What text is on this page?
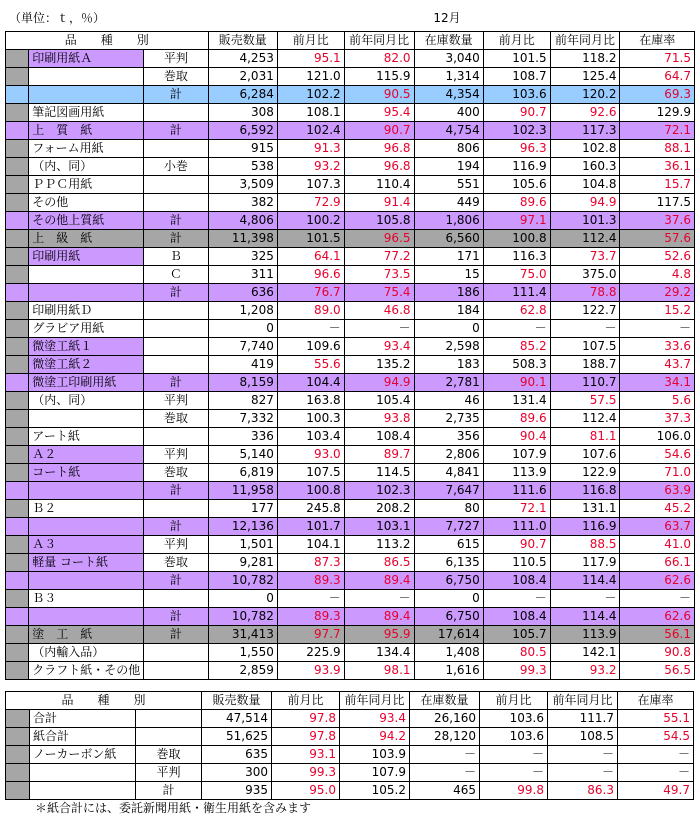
（単位：ｔ，％）	12月
品　　種　　別			販売数量	前月比	前年同月比	在庫数量	前月比	前年同月比	在庫率
	印刷用紙Ａ	平判	4,253	95.1	82.0	3,040	101.5	118.2	71.5
		巻取	2,031	121.0	115.9	1,314	108.7	125.4	64.7
		計	6,284	102.2	90.5	4,354	103.6	120.2	69.3
	筆記図画用紙		308	108.1	95.4	400	90.7	92.6	129.9
	上　質　紙	計	6,592	102.4	90.7	4,754	102.3	117.3	72.1
	フォーム用紙		915	91.3	96.8	806	96.3	102.8	88.1
	（内、同）	小巻	538	93.2	96.8	194	116.9	160.3	36.1
	ＰＰＣ用紙		3,509	107.3	110.4	551	105.6	104.8	15.7
	その他		382	72.9	91.4	449	89.6	94.9	117.5
	その他上質紙	計	4,806	100.2	105.8	1,806	97.1	101.3	37.6
	上　級　紙	計	11,398	101.5	96.5	6,560	100.8	112.4	57.6
	印刷用紙	Ｂ	325	64.1	77.2	171	116.3	73.7	52.6
		Ｃ	311	96.6	73.5	15	75.0	375.0	4.8
		計	636	76.7	75.4	186	111.4	78.8	29.2
	印刷用紙Ｄ		1,208	89.0	46.8	184	62.8	122.7	15.2
	グラビア用紙		0	－	－	0	－	－	－
	微塗工紙１		7,740	109.6	93.4	2,598	85.2	107.5	33.6
	微塗工紙２		419	55.6	135.2	183	508.3	188.7	43.7
	微塗工印刷用紙	計	8,159	104.4	94.9	2,781	90.1	110.7	34.1
	（内、同）	平判	827	163.8	105.4	46	131.4	57.5	5.6
		巻取	7,332	100.3	93.8	2,735	89.6	112.4	37.3
	アート紙		336	103.4	108.4	356	90.4	81.1	106.0
	Ａ２	平判	5,140	93.0	89.7	2,806	107.9	107.6	54.6
	コート紙	巻取	6,819	107.5	114.5	4,841	113.9	122.9	71.0
		計	11,958	100.8	102.3	7,647	111.6	116.8	63.9
	Ｂ２		177	245.8	208.2	80	72.1	131.1	45.2
		計	12,136	101.7	103.1	7,727	111.0	116.9	63.7
	Ａ３	平判	1,501	104.1	113.2	615	90.7	88.5	41.0
	軽量 コート紙	巻取	9,281	87.3	86.5	6,135	110.5	117.9	66.1
		計	10,782	89.3	89.4	6,750	108.4	114.4	62.6
	Ｂ３		0	－	－	0	－	－	－
		計	10,782	89.3	89.4	6,750	108.4	114.4	62.6
	塗　工　紙	計	31,413	97.7	95.9	17,614	105.7	113.9	56.1
	（内輸入品）		1,550	225.9	134.4	1,408	80.5	142.1	90.8
	クラフト紙・その他		2,859	93.9	98.1	1,616	99.3	93.2	56.5
品　　種　　別			販売数量	前月比	前年同月比	在庫数量	前月比	前年同月比	在庫率
	合計		47,514	97.8	93.4	26,160	103.6	111.7	55.1
	紙合計		51,625	97.8	94.2	28,120	103.6	108.5	54.5
	ノーカーボン紙	巻取	635	93.1	103.9	－	－	－	－
		平判	300	99.3	107.9	－	－	－	－
		計	935	95.0	105.2	465	99.8	86.3	49.7
＊紙合計には、委託新聞用紙・衛生用紙を含みます
